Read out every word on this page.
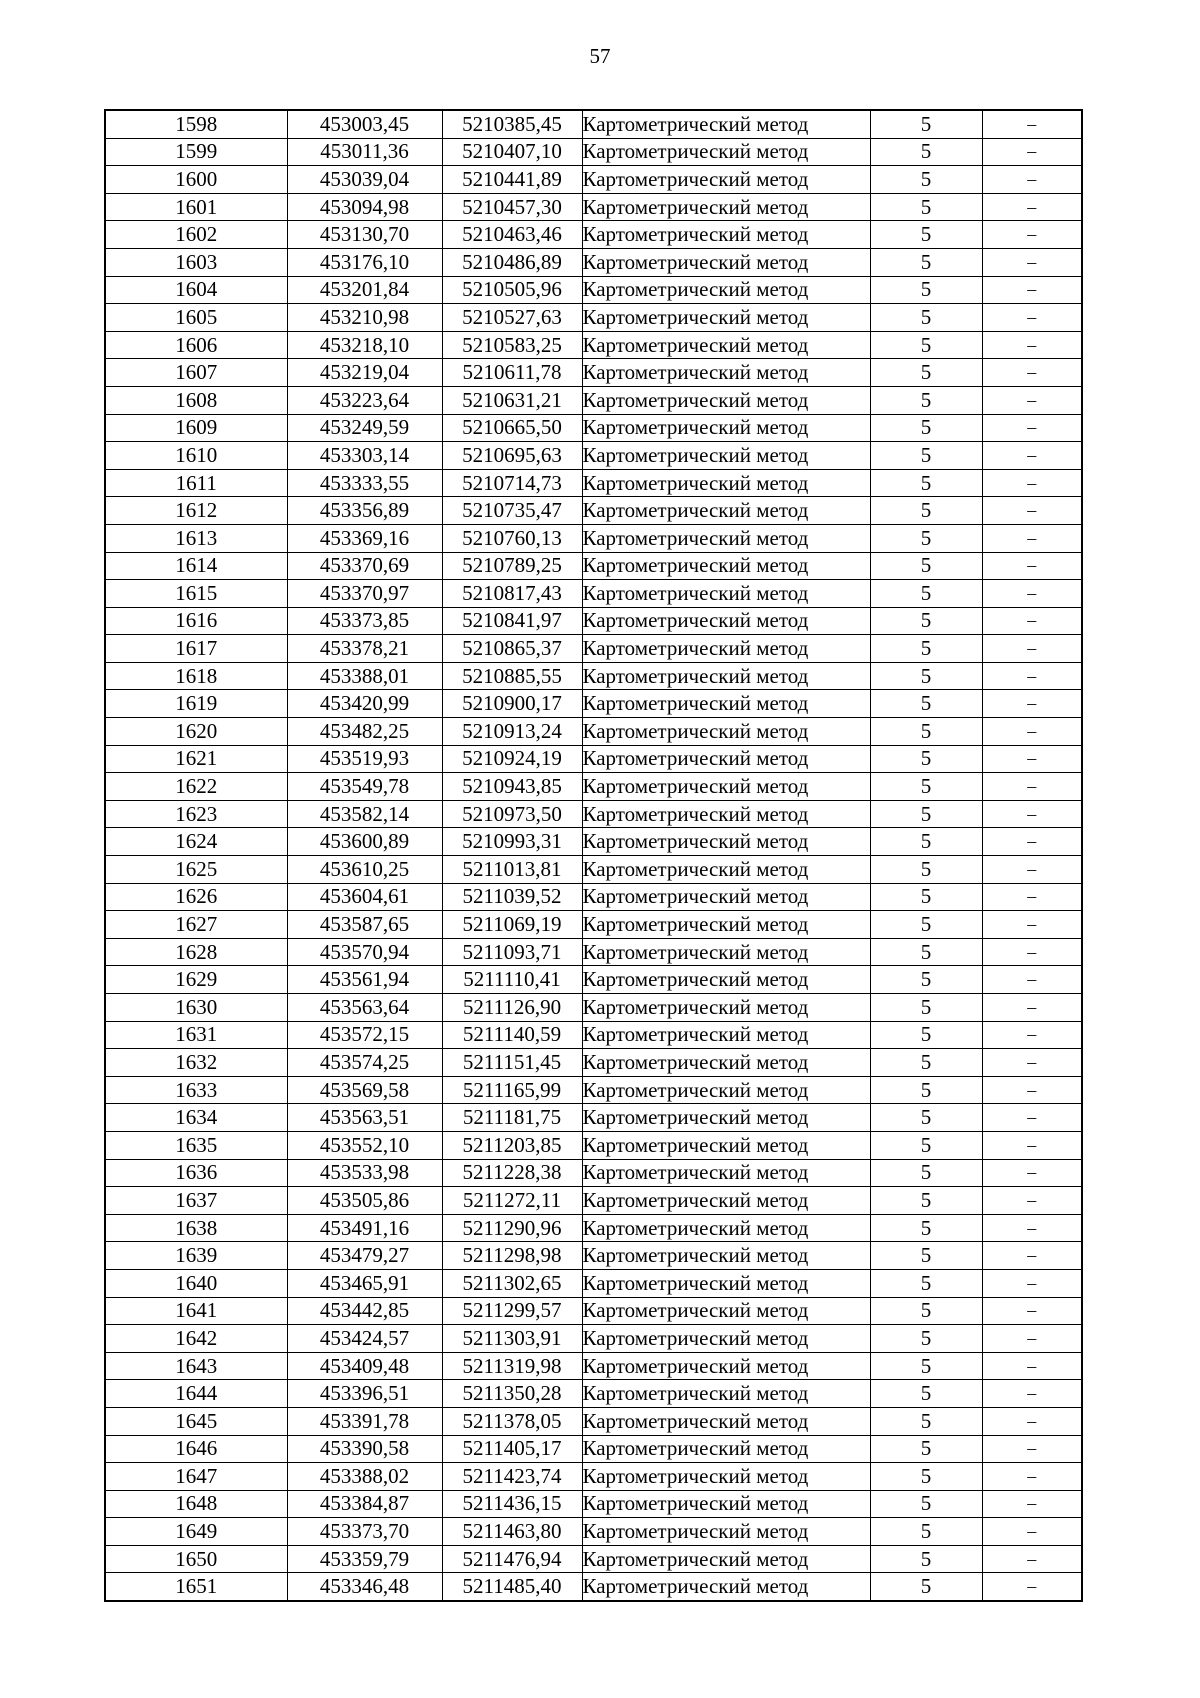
57
1598	453003,45	5210385,45	Картометрический метод	5	–
1599	453011,36	5210407,10	Картометрический метод	5	–
1600	453039,04	5210441,89	Картометрический метод	5	–
1601	453094,98	5210457,30	Картометрический метод	5	–
1602	453130,70	5210463,46	Картометрический метод	5	–
1603	453176,10	5210486,89	Картометрический метод	5	–
1604	453201,84	5210505,96	Картометрический метод	5	–
1605	453210,98	5210527,63	Картометрический метод	5	–
1606	453218,10	5210583,25	Картометрический метод	5	–
1607	453219,04	5210611,78	Картометрический метод	5	–
1608	453223,64	5210631,21	Картометрический метод	5	–
1609	453249,59	5210665,50	Картометрический метод	5	–
1610	453303,14	5210695,63	Картометрический метод	5	–
1611	453333,55	5210714,73	Картометрический метод	5	–
1612	453356,89	5210735,47	Картометрический метод	5	–
1613	453369,16	5210760,13	Картометрический метод	5	–
1614	453370,69	5210789,25	Картометрический метод	5	–
1615	453370,97	5210817,43	Картометрический метод	5	–
1616	453373,85	5210841,97	Картометрический метод	5	–
1617	453378,21	5210865,37	Картометрический метод	5	–
1618	453388,01	5210885,55	Картометрический метод	5	–
1619	453420,99	5210900,17	Картометрический метод	5	–
1620	453482,25	5210913,24	Картометрический метод	5	–
1621	453519,93	5210924,19	Картометрический метод	5	–
1622	453549,78	5210943,85	Картометрический метод	5	–
1623	453582,14	5210973,50	Картометрический метод	5	–
1624	453600,89	5210993,31	Картометрический метод	5	–
1625	453610,25	5211013,81	Картометрический метод	5	–
1626	453604,61	5211039,52	Картометрический метод	5	–
1627	453587,65	5211069,19	Картометрический метод	5	–
1628	453570,94	5211093,71	Картометрический метод	5	–
1629	453561,94	5211110,41	Картометрический метод	5	–
1630	453563,64	5211126,90	Картометрический метод	5	–
1631	453572,15	5211140,59	Картометрический метод	5	–
1632	453574,25	5211151,45	Картометрический метод	5	–
1633	453569,58	5211165,99	Картометрический метод	5	–
1634	453563,51	5211181,75	Картометрический метод	5	–
1635	453552,10	5211203,85	Картометрический метод	5	–
1636	453533,98	5211228,38	Картометрический метод	5	–
1637	453505,86	5211272,11	Картометрический метод	5	–
1638	453491,16	5211290,96	Картометрический метод	5	–
1639	453479,27	5211298,98	Картометрический метод	5	–
1640	453465,91	5211302,65	Картометрический метод	5	–
1641	453442,85	5211299,57	Картометрический метод	5	–
1642	453424,57	5211303,91	Картометрический метод	5	–
1643	453409,48	5211319,98	Картометрический метод	5	–
1644	453396,51	5211350,28	Картометрический метод	5	–
1645	453391,78	5211378,05	Картометрический метод	5	–
1646	453390,58	5211405,17	Картометрический метод	5	–
1647	453388,02	5211423,74	Картометрический метод	5	–
1648	453384,87	5211436,15	Картометрический метод	5	–
1649	453373,70	5211463,80	Картометрический метод	5	–
1650	453359,79	5211476,94	Картометрический метод	5	–
1651	453346,48	5211485,40	Картометрический метод	5	–
